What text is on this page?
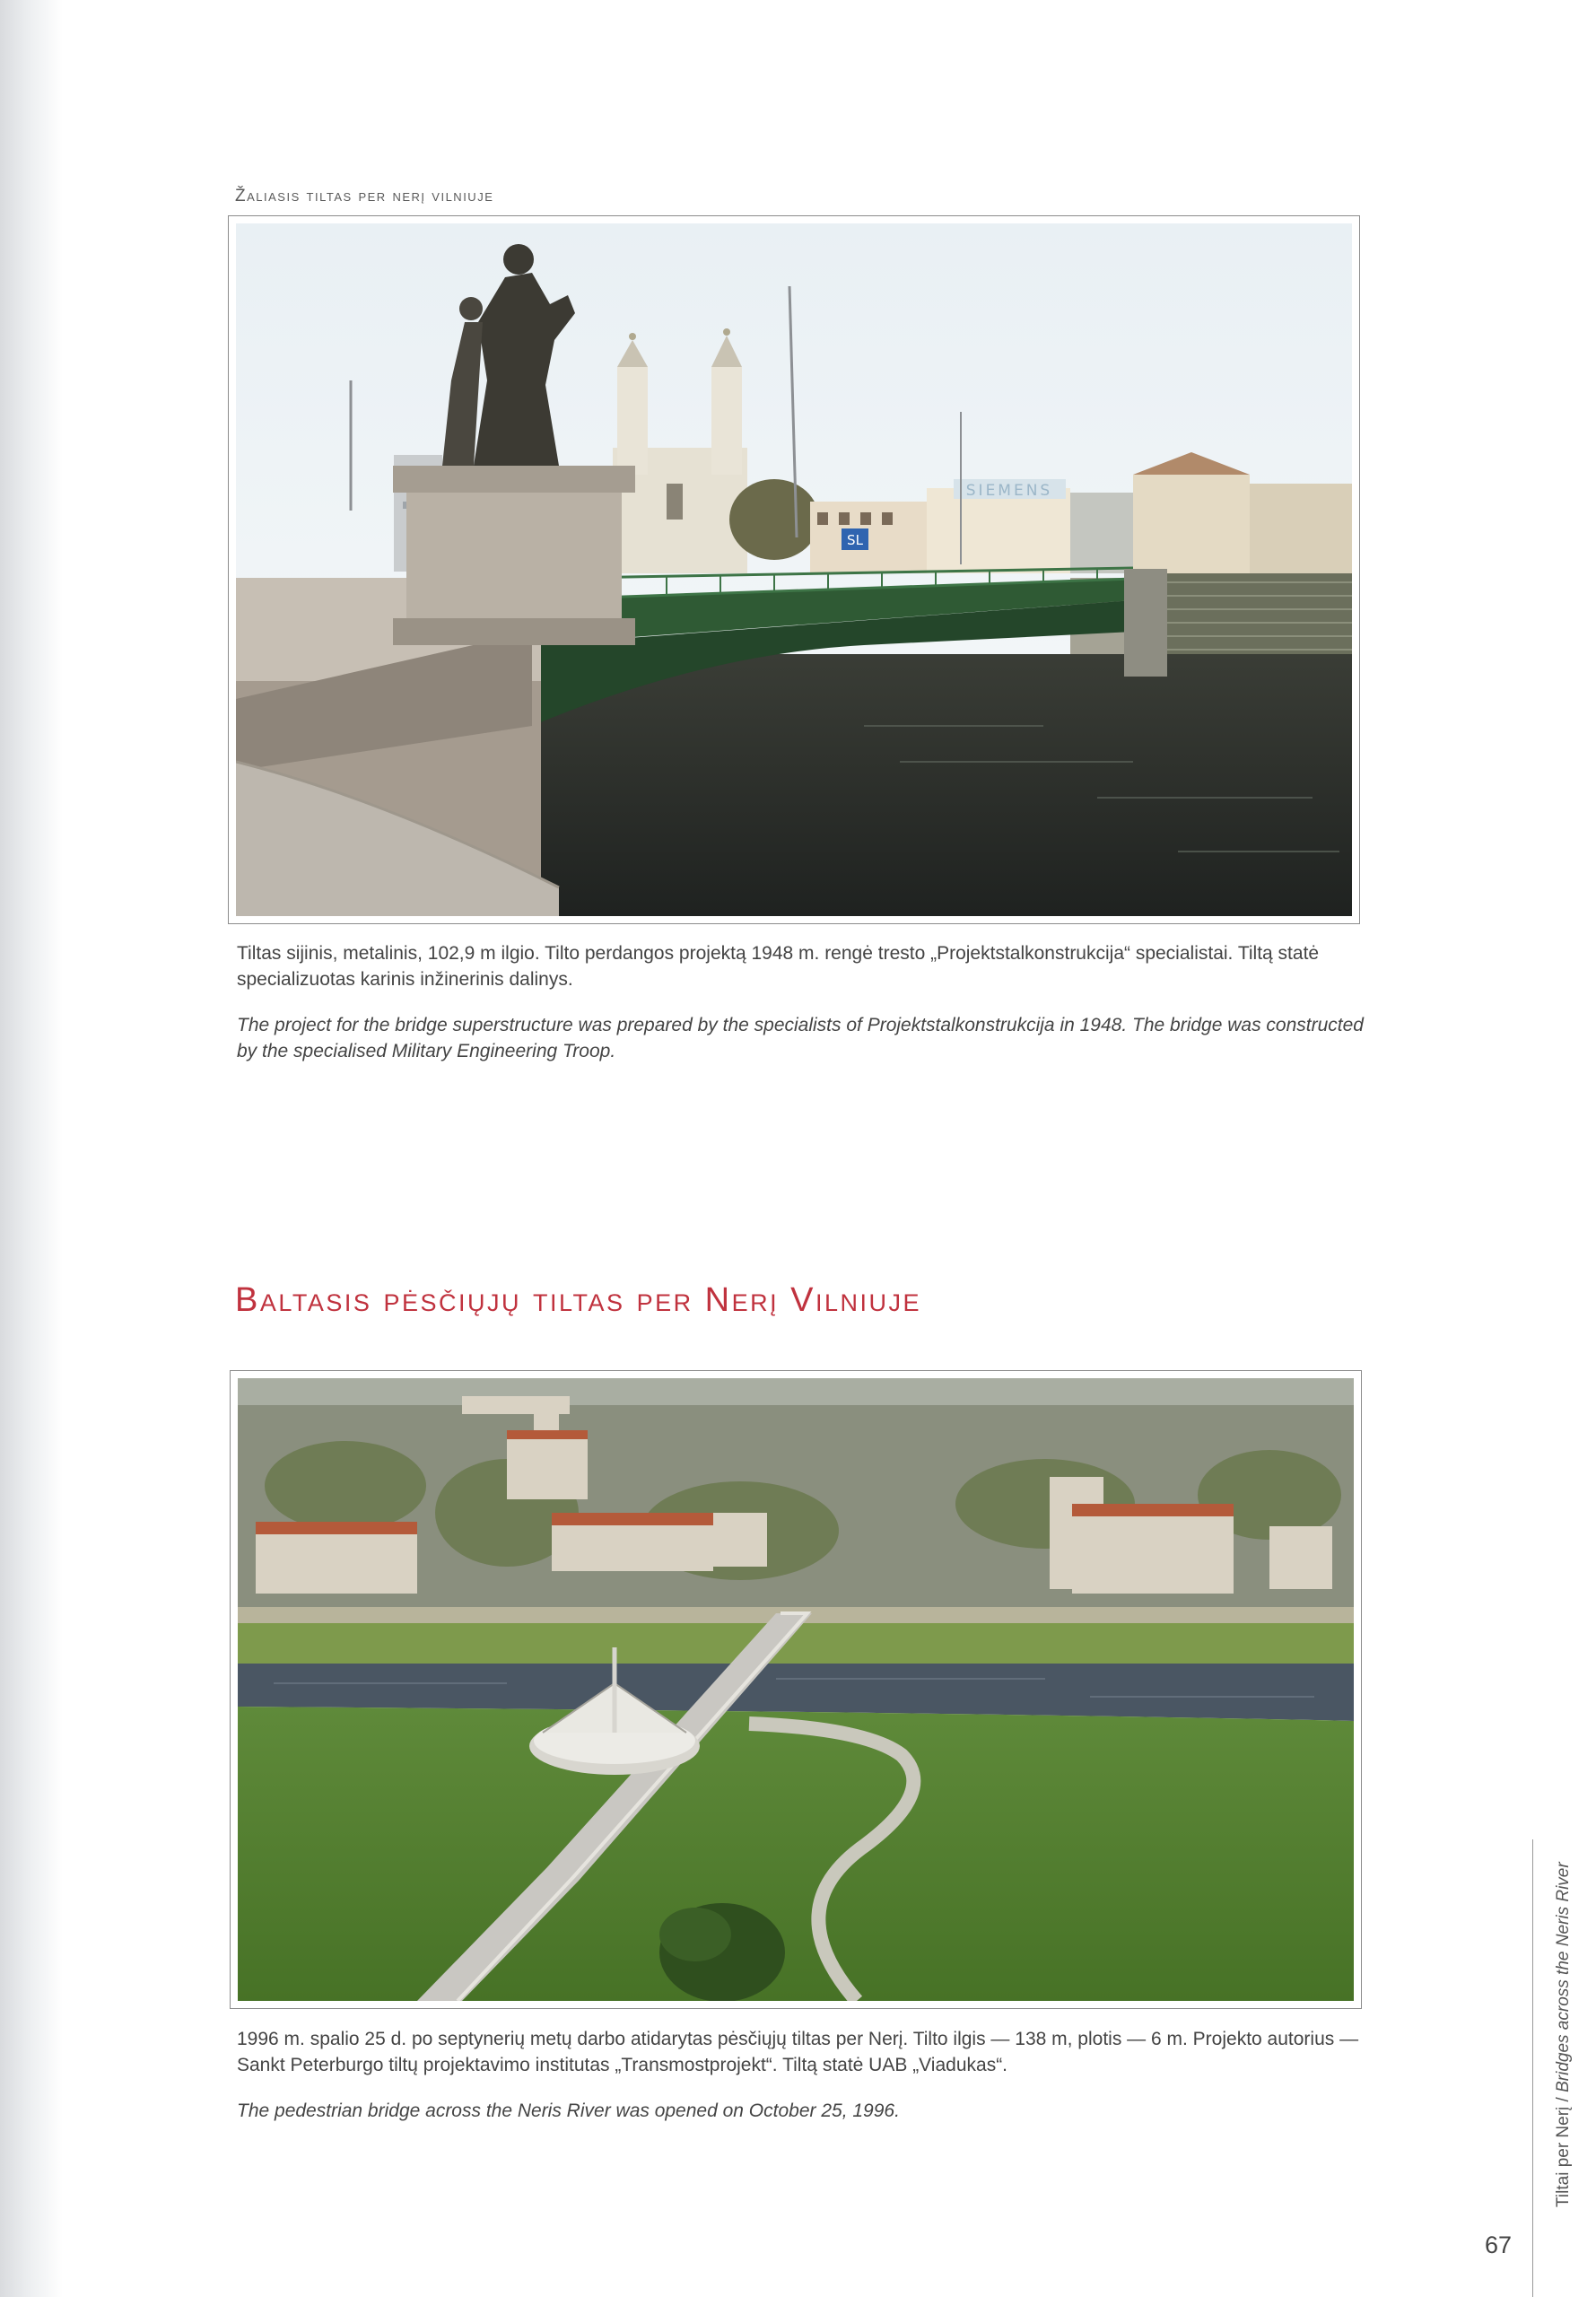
Žaliasis tiltas per nerį vilniuje
SIEMENS
SL

Tiltas sijinis, metalinis, 102,9 m ilgio. Tilto perdangos projektą 1948 m. rengė tresto „Projektstalkonstrukcija“ specialistai. Tiltą statė specializuotas karinis inžinerinis dalinys.

The project for the bridge superstructure was prepared by the specialists of Projektstalkonstrukcija in 1948. The bridge was constructed by the specialised Military Engineering Troop.

Baltasis pėsčiųjų tiltas per Nerį Vilniuje

1996 m. spalio 25 d. po septynerių metų darbo atidarytas pėsčiųjų tiltas per Nerį. Tilto ilgis — 138 m, plotis — 6 m. Projekto autorius — Sankt Peterburgo tiltų projektavimo institutas „Transmostprojekt“. Tiltą statė UAB „Viadukas“.

The pedestrian bridge across the Neris River was opened on October 25, 1996.	Tiltai per Nerį / Bridges across the Neris River
67
